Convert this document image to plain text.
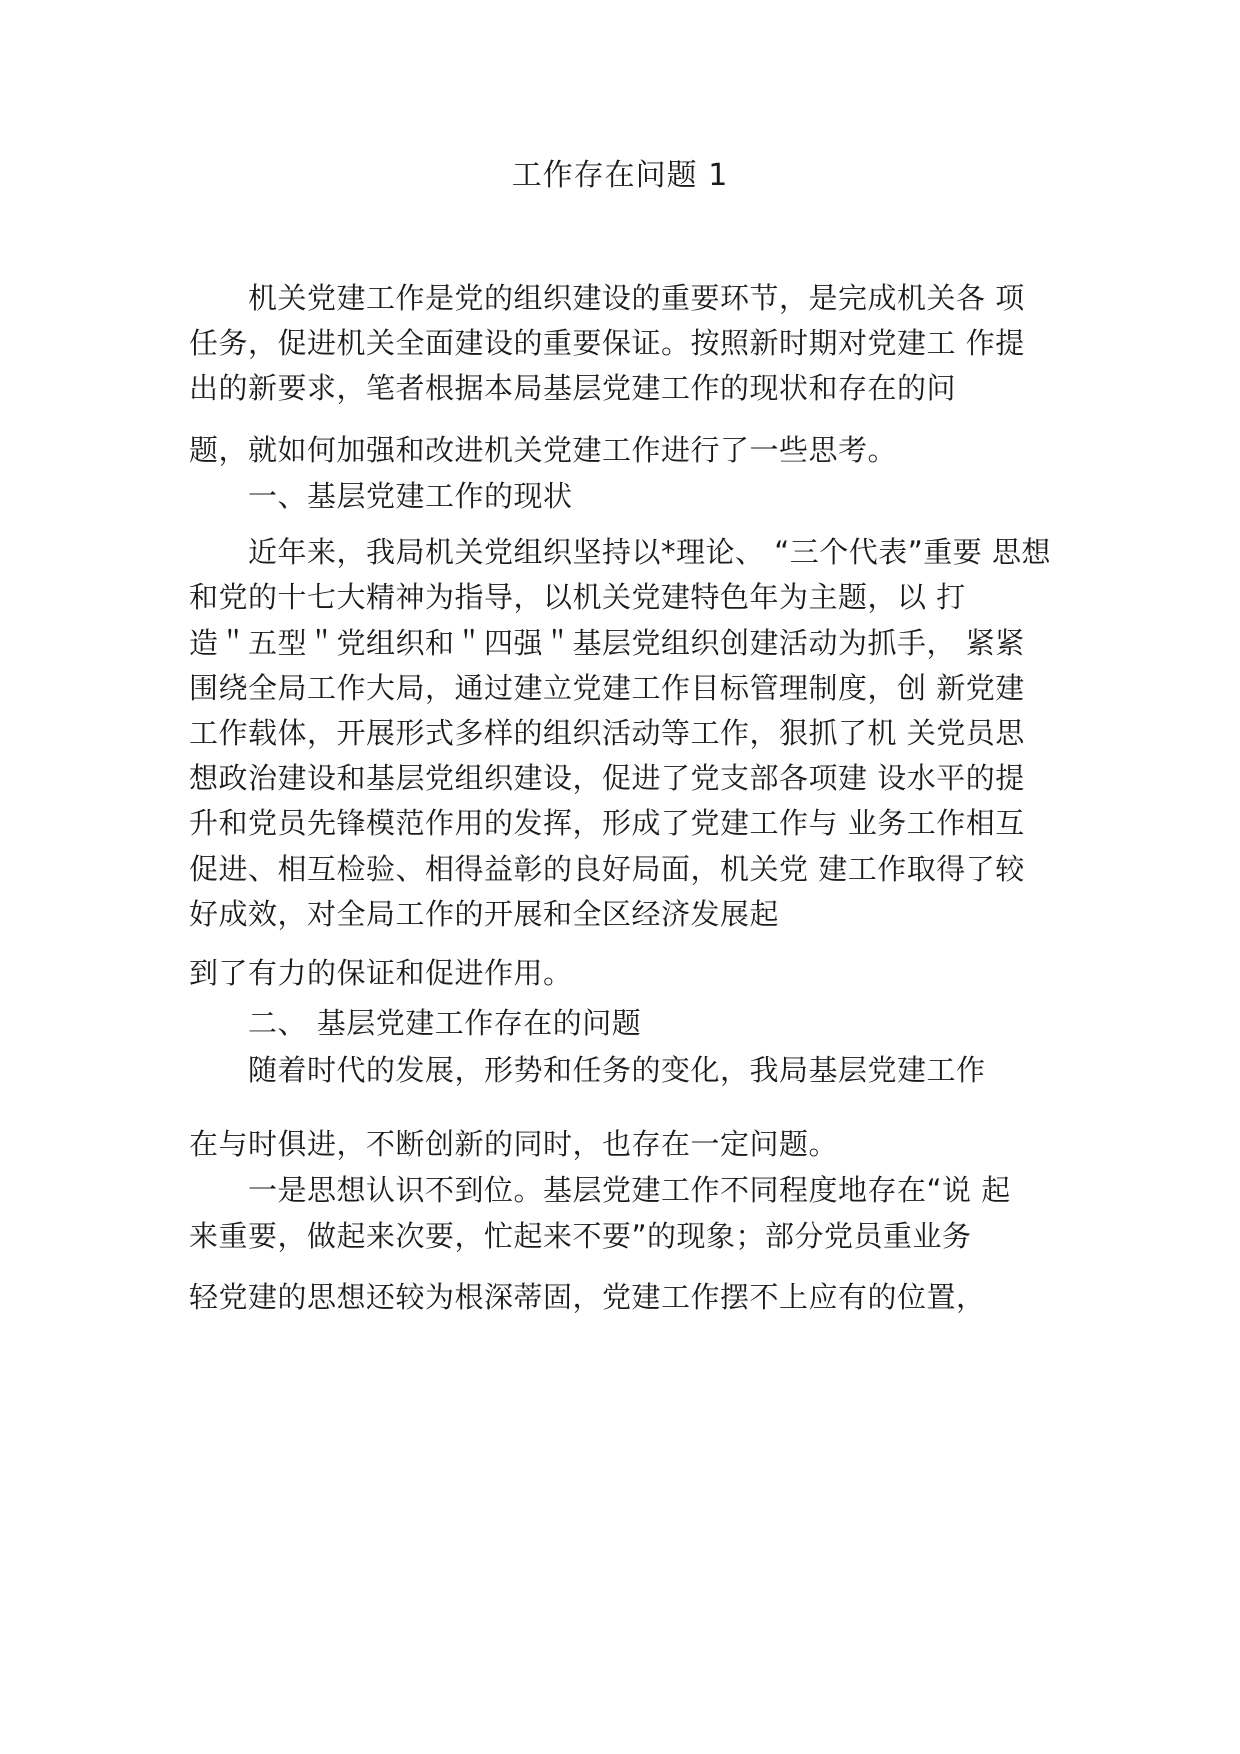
工作存在问题 1
机关党建工作是党的组织建设的重要环节，是完成机关各 项
任务，促进机关全面建设的重要保证。按照新时期对党建工 作提
出的新要求，笔者根据本局基层党建工作的现状和存在的问
题，就如何加强和改进机关党建工作进行了一些思考。
一、基层党建工作的现状
近年来，我局机关党组织坚持以*理论、 “三个代表”重要 思想
和党的十七大精神为指导，以机关党建特色年为主题，以 打
造＂五型＂党组织和＂四强＂基层党组织创建活动为抓手， 紧紧
围绕全局工作大局，通过建立党建工作目标管理制度，创 新党建
工作载体，开展形式多样的组织活动等工作，狠抓了机 关党员思
想政治建设和基层党组织建设，促进了党支部各项建 设水平的提
升和党员先锋模范作用的发挥，形成了党建工作与 业务工作相互
促进、相互检验、相得益彰的良好局面，机关党 建工作取得了较
好成效，对全局工作的开展和全区经济发展起
到了有力的保证和促进作用。
二、 基层党建工作存在的问题
随着时代的发展，形势和任务的变化，我局基层党建工作
在与时俱进，不断创新的同时，也存在一定问题。
一是思想认识不到位。基层党建工作不同程度地存在“说 起
来重要，做起来次要，忙起来不要”的现象；部分党员重业务
轻党建的思想还较为根深蒂固，党建工作摆不上应有的位置，
